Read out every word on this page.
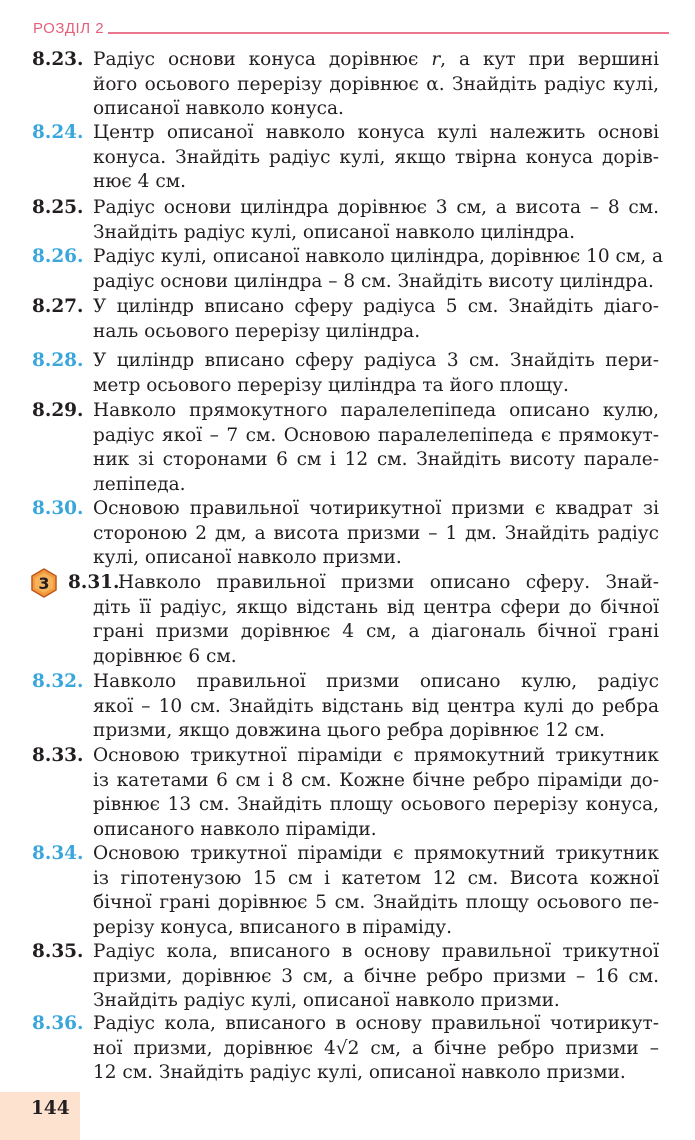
РОЗДІЛ 2
8.23. Радіус основи конуса дорівнює r, а кут при вершині
його осьового перерізу дорівнює α. Знайдіть радіус кулі,
описаної навколо конуса.
8.24. Центр описаної навколо конуса кулі належить основі
конуса. Знайдіть радіус кулі, якщо твірна конуса дорів-
нює 4 см.
8.25. Радіус основи циліндра дорівнює 3 см, а висота – 8 см.
Знайдіть радіус кулі, описаної навколо циліндра.
8.26. Радіус кулі, описаної навколо циліндра, дорівнює 10 см, а
радіус основи циліндра – 8 см. Знайдіть висоту циліндра.
8.27. У циліндр вписано сферу радіуса 5 см. Знайдіть діаго-
наль осьового перерізу циліндра.
8.28. У циліндр вписано сферу радіуса 3 см. Знайдіть пери-
метр осьового перерізу циліндра та його площу.
8.29. Навколо прямокутного паралелепіпеда описано кулю,
радіус якої – 7 см. Основою паралелепіпеда є прямокут-
ник зі сторонами 6 см і 12 см. Знайдіть висоту парале-
лепіпеда.
8.30. Основою правильної чотирикутної призми є квадрат зі
стороною 2 дм, а висота призми – 1 дм. Знайдіть радіус
кулі, описаної навколо призми.
3 8.31.
Навколо правильної призми описано сферу. Знай-
діть її радіус, якщо відстань від центра сфери до бічної
грані призми дорівнює 4 см, а діагональ бічної грані
дорівнює 6 см.
8.32. Навколо правильної призми описано кулю, радіус
якої – 10 см. Знайдіть відстань від центра кулі до ребра
призми, якщо довжина цього ребра дорівнює 12 см.
8.33. Основою трикутної піраміди є прямокутний трикутник
із катетами 6 см і 8 см. Кожне бічне ребро піраміди до-
рівнює 13 см. Знайдіть площу осьового перерізу конуса,
описаного навколо піраміди.
8.34. Основою трикутної піраміди є прямокутний трикутник
із гіпотенузою 15 см і катетом 12 см. Висота кожної
бічної грані дорівнює 5 см. Знайдіть площу осьового пе-
рерізу конуса, вписаного в піраміду.
8.35. Радіус кола, вписаного в основу правильної трикутної
призми, дорівнює 3 см, а бічне ребро призми – 16 см.
Знайдіть радіус кулі, описаної навколо призми.
8.36. Радіус кола, вписаного в основу правильної чотирикут-
ної призми, дорівнює 4√2 см, а бічне ребро призми –
12 см. Знайдіть радіус кулі, описаної навколо призми.
144
